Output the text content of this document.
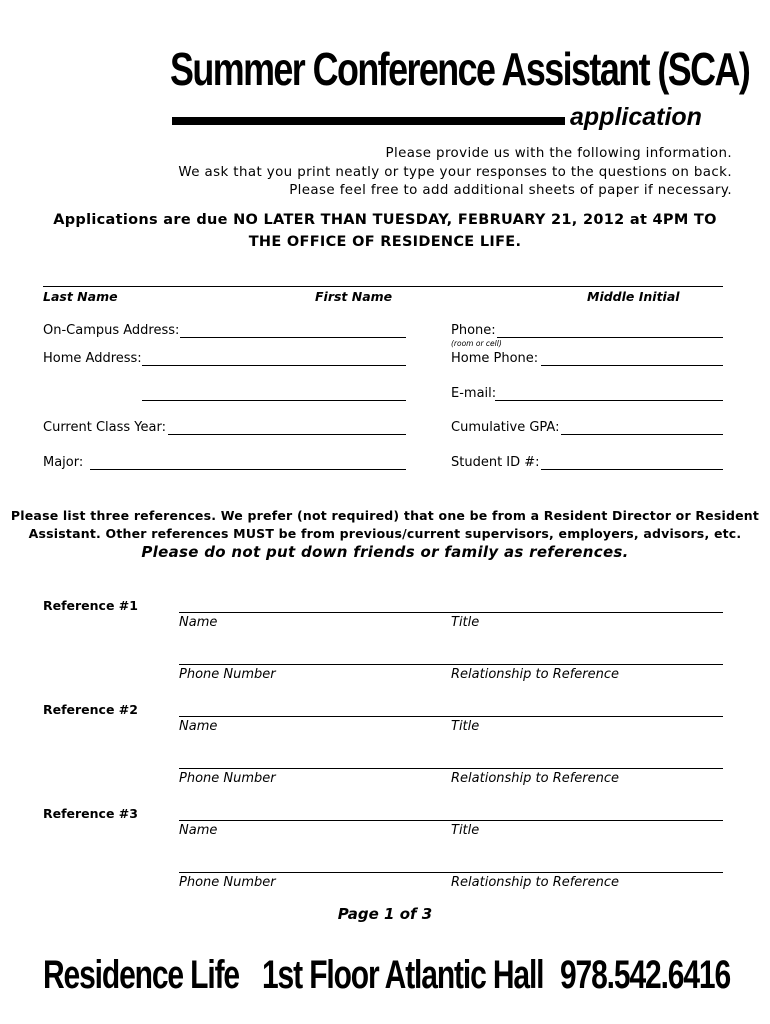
Summer Conference Assistant (SCA)
application
Please provide us with the following information.
We ask that you print neatly or type your responses to the questions on back.
Please feel free to add additional sheets of paper if necessary.
Applications are due NO LATER THAN TUESDAY, FEBRUARY 21, 2012 at 4PM TO
THE OFFICE OF RESIDENCE LIFE.
Last Name	First Name	Middle Initial
On-Campus Address:	Phone:
(room or cell)
Home Address:	Home Phone:
E-mail:
Current Class Year:	Cumulative GPA:
Major:	Student ID #:
Please list three references. We prefer (not required) that one be from a Resident Director or Resident
Assistant. Other references MUST be from previous/current supervisors, employers, advisors, etc.
Please do not put down friends or family as references.
Reference #1
Name	Title
Phone Number	Relationship to Reference
Reference #2
Name	Title
Phone Number	Relationship to Reference
Reference #3
Name	Title
Phone Number	Relationship to Reference
Page 1 of 3
Residence Life 1st Floor Atlantic Hall 978.542.6416
